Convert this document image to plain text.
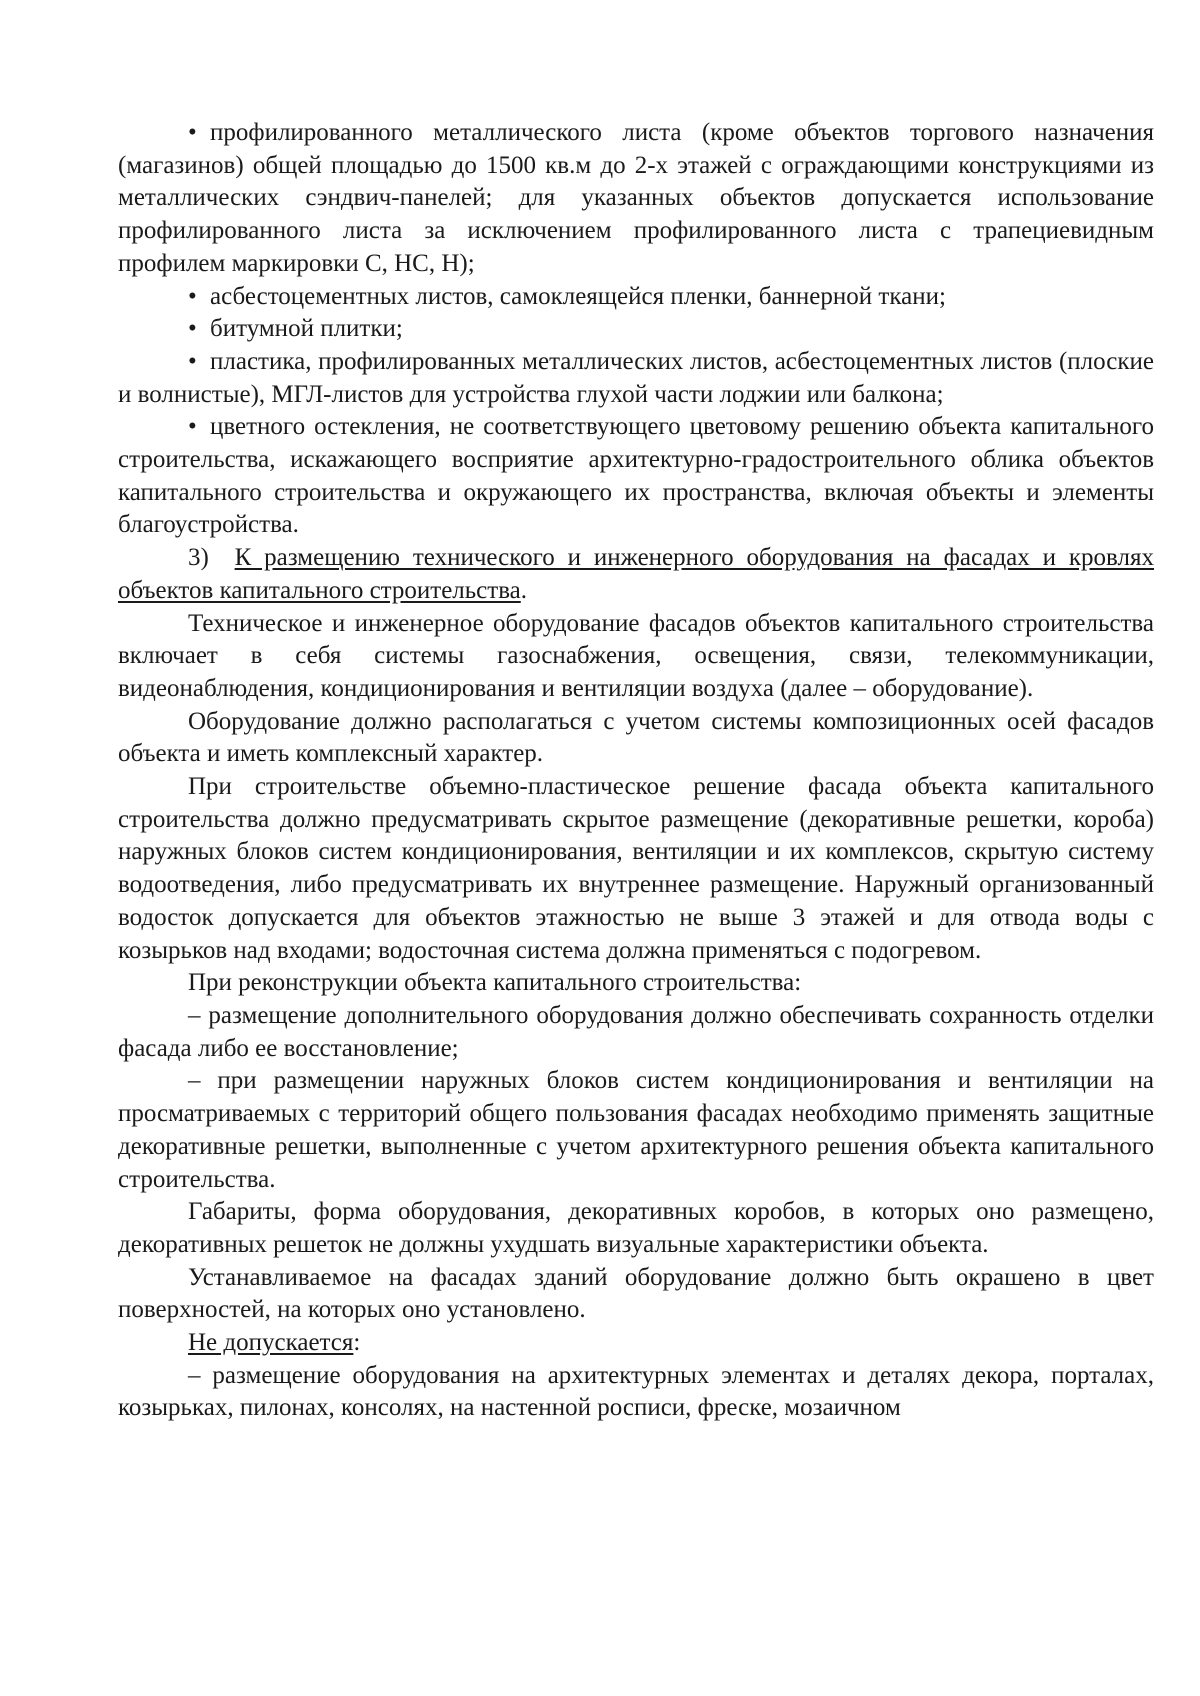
• профилированного металлического листа (кроме объектов торгового назначения (магазинов) общей площадью до 1500 кв.м до 2-х этажей с ограждающими конструкциями из металлических сэндвич-панелей; для указанных объектов допускается использование профилированного листа за исключением профилированного листа с трапециевидным профилем маркировки С, НС, Н);

• асбестоцементных листов, самоклеящейся пленки, баннерной ткани;

• битумной плитки;

• пластика, профилированных металлических листов, асбестоцементных листов (плоские и волнистые), МГЛ-листов для устройства глухой части лоджии или балкона;

• цветного остекления, не соответствующего цветовому решению объекта капитального строительства, искажающего восприятие архитектурно-градостроительного облика объектов капитального строительства и окружающего их пространства, включая объекты и элементы благоустройства.

3) К размещению технического и инженерного оборудования на фасадах и кровлях объектов капитального строительства.

Техническое и инженерное оборудование фасадов объектов капитального строительства включает в себя системы газоснабжения, освещения, связи, телекоммуникации, видеонаблюдения, кондиционирования и вентиляции воздуха (далее – оборудование).

Оборудование должно располагаться с учетом системы композиционных осей фасадов объекта и иметь комплексный характер.

При строительстве объемно-пластическое решение фасада объекта капитального строительства должно предусматривать скрытое размещение (декоративные решетки, короба) наружных блоков систем кондиционирования, вентиляции и их комплексов, скрытую систему водоотведения, либо предусматривать их внутреннее размещение. Наружный организованный водосток допускается для объектов этажностью не выше 3 этажей и для отвода воды с козырьков над входами; водосточная система должна применяться с подогревом.

При реконструкции объекта капитального строительства:

– размещение дополнительного оборудования должно обеспечивать сохранность отделки фасада либо ее восстановление;

– при размещении наружных блоков систем кондиционирования и вентиляции на просматриваемых с территорий общего пользования фасадах необходимо применять защитные декоративные решетки, выполненные с учетом архитектурного решения объекта капитального строительства.

Габариты, форма оборудования, декоративных коробов, в которых оно размещено, декоративных решеток не должны ухудшать визуальные характеристики объекта.

Устанавливаемое на фасадах зданий оборудование должно быть окрашено в цвет поверхностей, на которых оно установлено.

Не допускается:

– размещение оборудования на архитектурных элементах и деталях декора, порталах, козырьках, пилонах, консолях, на настенной росписи, фреске, мозаичном
